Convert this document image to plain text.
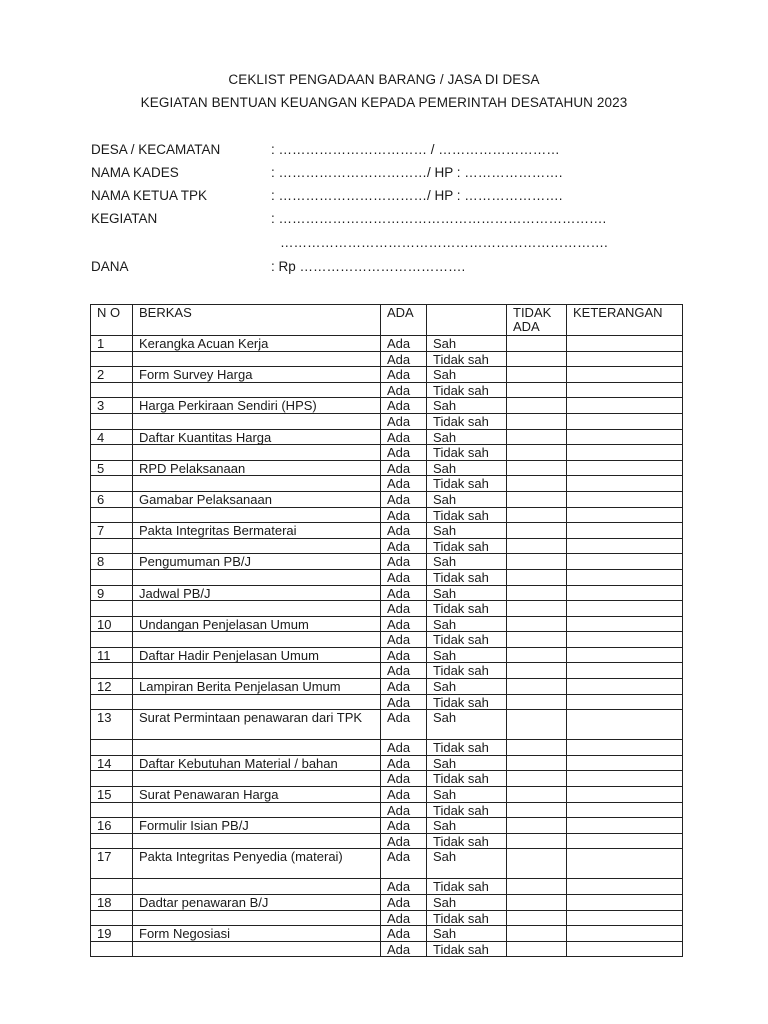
CEKLIST PENGADAAN BARANG / JASA DI DESA
KEGIATAN BENTUAN KEUANGAN KEPADA PEMERINTAH DESATAHUN 2023
DESA / KECAMATAN	: …………………………… / ………………………
NAMA KADES	: ……………………………/ HP : ………………….
NAMA KETUA TPK	: ……………………………/ HP : ………………….
KEGIATAN	: ……………………………………………………………….
……………………………………………………………….
DANA	: Rp ……………………………….
N O	BERKAS	ADA		TIDAK ADA	KETERANGAN
1	Kerangka Acuan Kerja	Ada	Sah		
		Ada	Tidak sah		
2	Form Survey Harga	Ada	Sah		
		Ada	Tidak sah		
3	Harga Perkiraan Sendiri (HPS)	Ada	Sah		
		Ada	Tidak sah		
4	Daftar Kuantitas Harga	Ada	Sah		
		Ada	Tidak sah		
5	RPD Pelaksanaan	Ada	Sah		
		Ada	Tidak sah		
6	Gamabar Pelaksanaan	Ada	Sah		
		Ada	Tidak sah		
7	Pakta Integritas Bermaterai	Ada	Sah		
		Ada	Tidak sah		
8	Pengumuman PB/J	Ada	Sah		
		Ada	Tidak sah		
9	Jadwal PB/J	Ada	Sah		
		Ada	Tidak sah		
10	Undangan Penjelasan Umum	Ada	Sah		
		Ada	Tidak sah		
11	Daftar Hadir Penjelasan Umum	Ada	Sah		
		Ada	Tidak sah		
12	Lampiran Berita Penjelasan Umum	Ada	Sah		
		Ada	Tidak sah		
13	Surat Permintaan penawaran dari TPK	Ada	Sah		
		Ada	Tidak sah		
14	Daftar Kebutuhan Material / bahan	Ada	Sah		
		Ada	Tidak sah		
15	Surat Penawaran Harga	Ada	Sah		
		Ada	Tidak sah		
16	Formulir Isian PB/J	Ada	Sah		
		Ada	Tidak sah		
17	Pakta Integritas Penyedia (materai)	Ada	Sah		
		Ada	Tidak sah		
18	Dadtar penawaran B/J	Ada	Sah		
		Ada	Tidak sah		
19	Form Negosiasi	Ada	Sah		
		Ada	Tidak sah		
